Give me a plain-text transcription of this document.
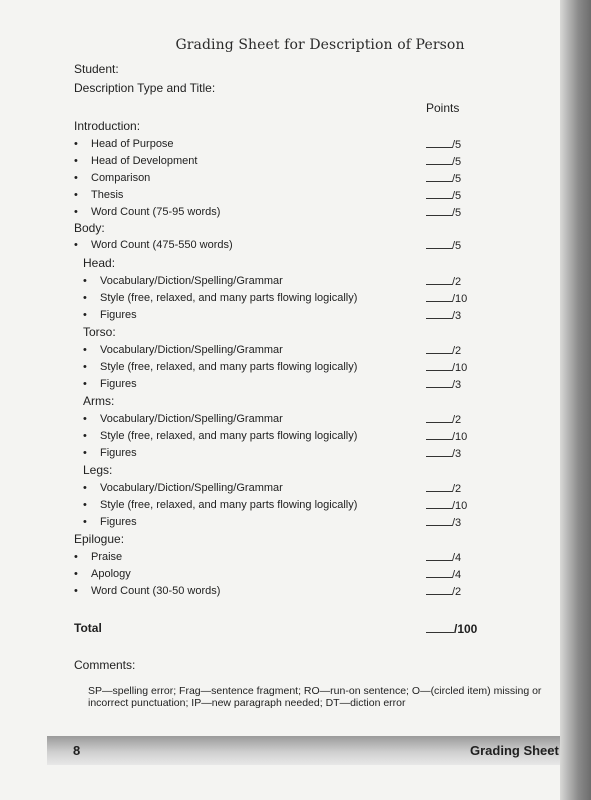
Grading Sheet for Description of Person
Student:
Description Type and Title:
Points
Introduction:
• Head of Purpose	/5
• Head of Development	/5
• Comparison	/5
• Thesis	/5
• Word Count (75-95 words)	/5
Body:
• Word Count (475-550 words)	/5
Head:
• Vocabulary/Diction/Spelling/Grammar	/2
• Style (free, relaxed, and many parts flowing logically)	/10
• Figures	/3
Torso:
• Vocabulary/Diction/Spelling/Grammar	/2
• Style (free, relaxed, and many parts flowing logically)	/10
• Figures	/3
Arms:
• Vocabulary/Diction/Spelling/Grammar	/2
• Style (free, relaxed, and many parts flowing logically)	/10
• Figures	/3
Legs:
• Vocabulary/Diction/Spelling/Grammar	/2
• Style (free, relaxed, and many parts flowing logically)	/10
• Figures	/3
Epilogue:
• Praise	/4
• Apology	/4
• Word Count (30-50 words)	/2
Total	/100
Comments:
SP—spelling error; Frag—sentence fragment; RO—run-on sentence; O—(circled item) missing or incorrect punctuation; IP—new paragraph needed; DT—diction error
8	Grading Sheet
